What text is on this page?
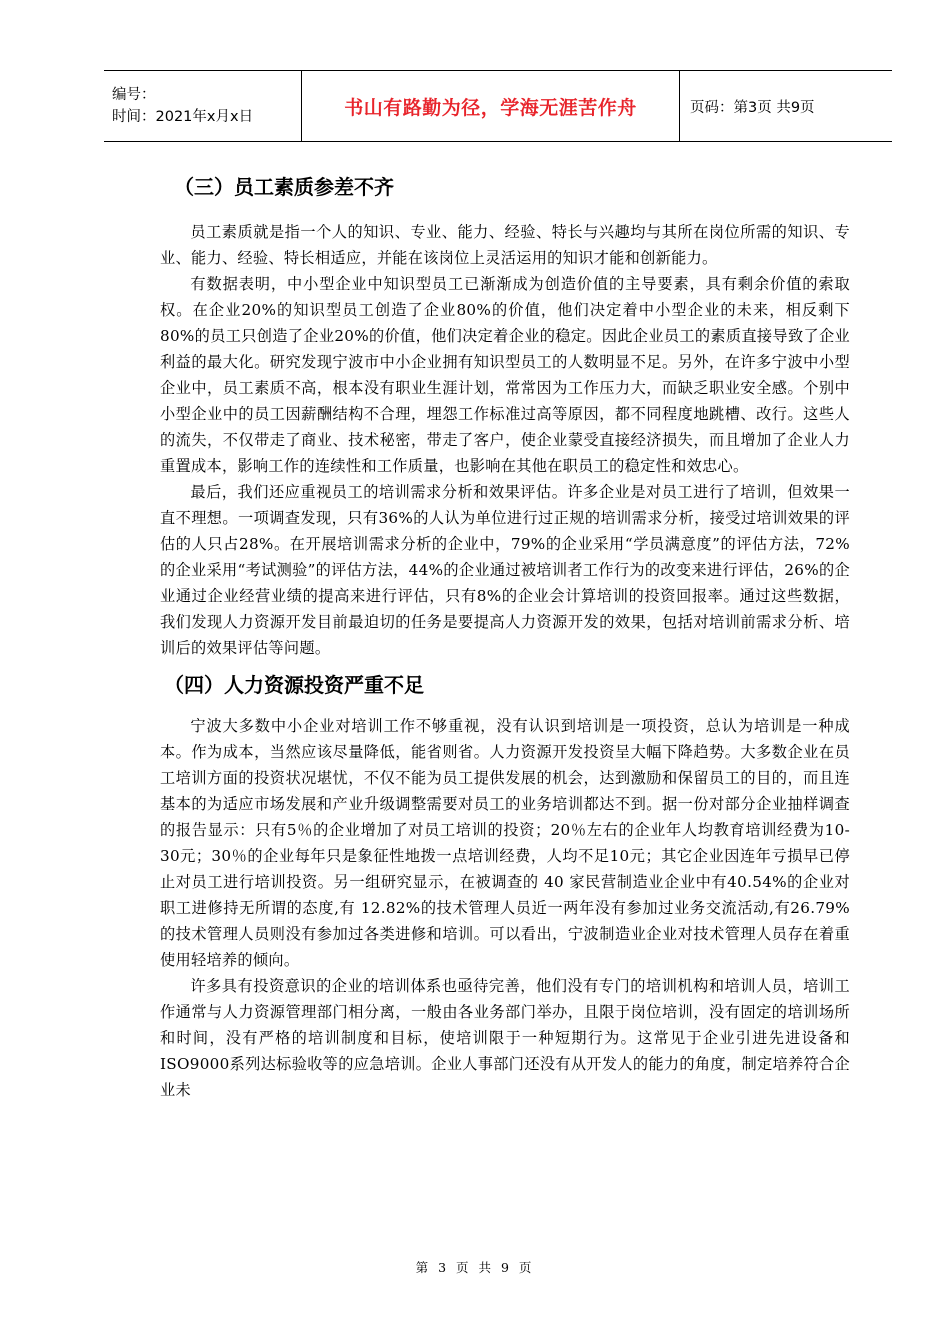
编号：
时间：2021年x月x日	书山有路勤为径，学海无涯苦作舟	页码：第3页 共9页
（三）员工素质参差不齐

员工素质就是指一个人的知识、专业、能力、经验、特长与兴趣均与其所在岗位所需的知识、专业、能力、经验、特长相适应，并能在该岗位上灵活运用的知识才能和创新能力。

有数据表明，中小型企业中知识型员工已渐渐成为创造价值的主导要素，具有剩余价值的索取权。在企业20%的知识型员工创造了企业80%的价值，他们决定着中小型企业的未来，相反剩下80%的员工只创造了企业20%的价值，他们决定着企业的稳定。因此企业员工的素质直接导致了企业利益的最大化。研究发现宁波市中小企业拥有知识型员工的人数明显不足。另外，在许多宁波中小型企业中，员工素质不高，根本没有职业生涯计划，常常因为工作压力大，而缺乏职业安全感。个别中小型企业中的员工因薪酬结构不合理，埋怨工作标准过高等原因，都不同程度地跳槽、改行。这些人的流失，不仅带走了商业、技术秘密，带走了客户，使企业蒙受直接经济损失，而且增加了企业人力重置成本，影响工作的连续性和工作质量，也影响在其他在职员工的稳定性和效忠心。

最后，我们还应重视员工的培训需求分析和效果评估。许多企业是对员工进行了培训，但效果一直不理想。一项调查发现，只有36%的人认为单位进行过正规的培训需求分析，接受过培训效果的评估的人只占28%。在开展培训需求分析的企业中，79%的企业采用“学员满意度”的评估方法，72%的企业采用“考试测验”的评估方法，44%的企业通过被培训者工作行为的改变来进行评估，26%的企业通过企业经营业绩的提高来进行评估，只有8%的企业会计算培训的投资回报率。通过这些数据，我们发现人力资源开发目前最迫切的任务是要提高人力资源开发的效果，包括对培训前需求分析、培训后的效果评估等问题。

（四）人力资源投资严重不足

宁波大多数中小企业对培训工作不够重视，没有认识到培训是一项投资，总认为培训是一种成本。作为成本，当然应该尽量降低，能省则省。人力资源开发投资呈大幅下降趋势。大多数企业在员工培训方面的投资状况堪忧，不仅不能为员工提供发展的机会，达到激励和保留员工的目的，而且连基本的为适应市场发展和产业升级调整需要对员工的业务培训都达不到。据一份对部分企业抽样调查的报告显示：只有5％的企业增加了对员工培训的投资；20％左右的企业年人均教育培训经费为10-30元；30％的企业每年只是象征性地拨一点培训经费，人均不足10元；其它企业因连年亏损早已停止对员工进行培训投资。另一组研究显示，在被调查的 40 家民营制造业企业中有40.54%的企业对职工进修持无所谓的态度,有 12.82%的技术管理人员近一两年没有参加过业务交流活动,有26.79%的技术管理人员则没有参加过各类进修和培训。可以看出，宁波制造业企业对技术管理人员存在着重使用轻培养的倾向。

许多具有投资意识的企业的培训体系也亟待完善，他们没有专门的培训机构和培训人员，培训工作通常与人力资源管理部门相分离，一般由各业务部门举办，且限于岗位培训，没有固定的培训场所和时间，没有严格的培训制度和目标，使培训限于一种短期行为。这常见于企业引进先进设备和ISO9000系列达标验收等的应急培训。企业人事部门还没有从开发人的能力的角度，制定培养符合企业未

第 3 页 共 9 页
